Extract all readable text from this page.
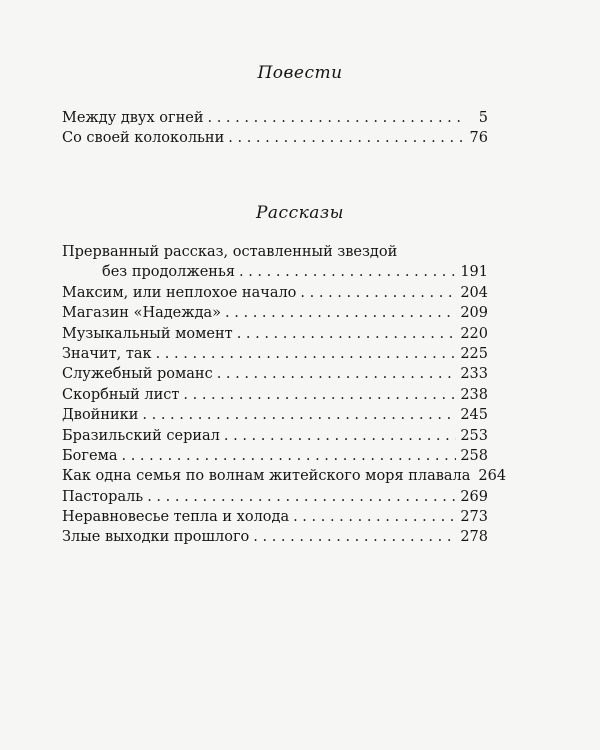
Повести
Между двух огней . . .	5
Со своей колокольни . . .	76
Рассказы
Прерванный рассказ, оставленный звездой
без продолженья . . .	191
Максим, или неплохое начало . . .	204
Магазин «Надежда» . . .	209
Музыкальный момент . . .	220
Значит, так . . .	225
Служебный романс . . .	233
Скорбный лист . . .	238
Двойники . . .	245
Бразильский сериал . . .	253
Богема . . .	258
Как одна семья по волнам житейского моря плавала 264
Пастораль . . .	269
Неравновесье тепла и холода . . .	273
Злые выходки прошлого . . .	278
